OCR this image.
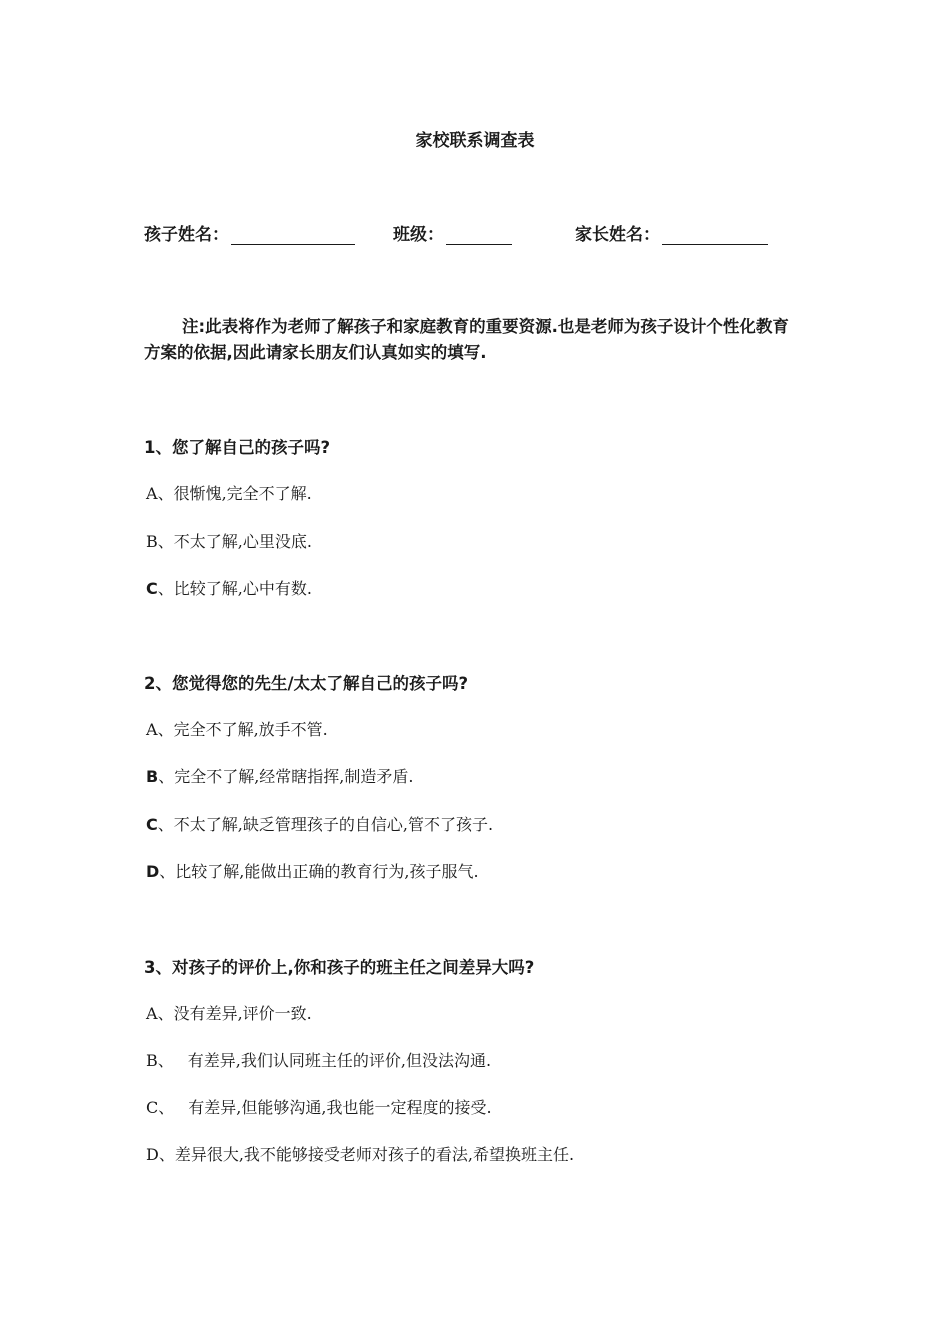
家校联系调查表
孩子姓名：	班级：	家长姓名：
注:此表将作为老师了解孩子和家庭教育的重要资源.也是老师为孩子设计个性化教育方案的依据,因此请家长朋友们认真如实的填写.
1、您了解自己的孩子吗?
A、很惭愧,完全不了解.
B、不太了解,心里没底.
C、比较了解,心中有数.
2、您觉得您的先生/太太了解自己的孩子吗?
A、完全不了解,放手不管.
B、完全不了解,经常瞎指挥,制造矛盾.
C、不太了解,缺乏管理孩子的自信心,管不了孩子.
D、比较了解,能做出正确的教育行为,孩子服气.
3、对孩子的评价上,你和孩子的班主任之间差异大吗?
A、没有差异,评价一致.
B、 有差异,我们认同班主任的评价,但没法沟通.
C、 有差异,但能够沟通,我也能一定程度的接受.
D、差异很大,我不能够接受老师对孩子的看法,希望换班主任.
